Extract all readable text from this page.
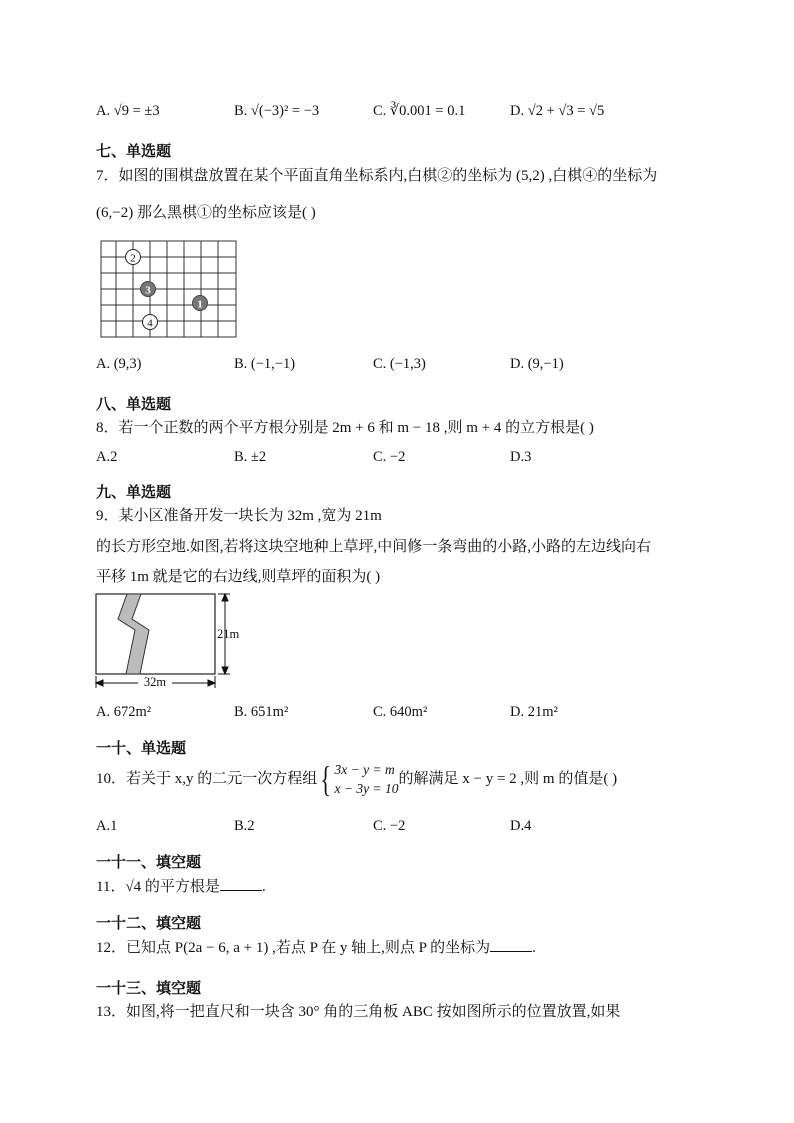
A. √9 = ±3	B. √(−3)² = −3	C. ∛0.001 = 0.1	D. √2 + √3 = √5
七、单选题
7．如图的围棋盘放置在某个平面直角坐标系内,白棋②的坐标为 (5,2) ,白棋④的坐标为
(6,−2) 那么黑棋①的坐标应该是( )
2
3
1
4
A. (9,3)	B. (−1,−1)	C. (−1,3)	D. (9,−1)
八、单选题
8．若一个正数的两个平方根分别是 2m + 6 和 m − 18 ,则 m + 4 的立方根是( )
A.2	B. ±2	C. −2	D.3
九、单选题
9．某小区准备开发一块长为 32m ,宽为 21m
的长方形空地.如图,若将这块空地种上草坪,中间修一条弯曲的小路,小路的左边线向右
平移 1m 就是它的右边线,则草坪的面积为( )
21m
32m
A. 672m²	B. 651m²	C. 640m²	D. 21m²
一十、单选题
10．若关于 x,y 的二元一次方程组{ 3x − y = m
x − 3y = 10
的解满足 x − y = 2 ,则 m 的值是( )
A.1	B.2	C. −2	D.4
一十一、填空题
11．√4 的平方根是	.
一十二、填空题
12．已知点 P(2a − 6, a + 1) ,若点 P 在 y 轴上,则点 P 的坐标为	.
一十三、填空题
13．如图,将一把直尺和一块含 30° 角的三角板 ABC 按如图所示的位置放置,如果
